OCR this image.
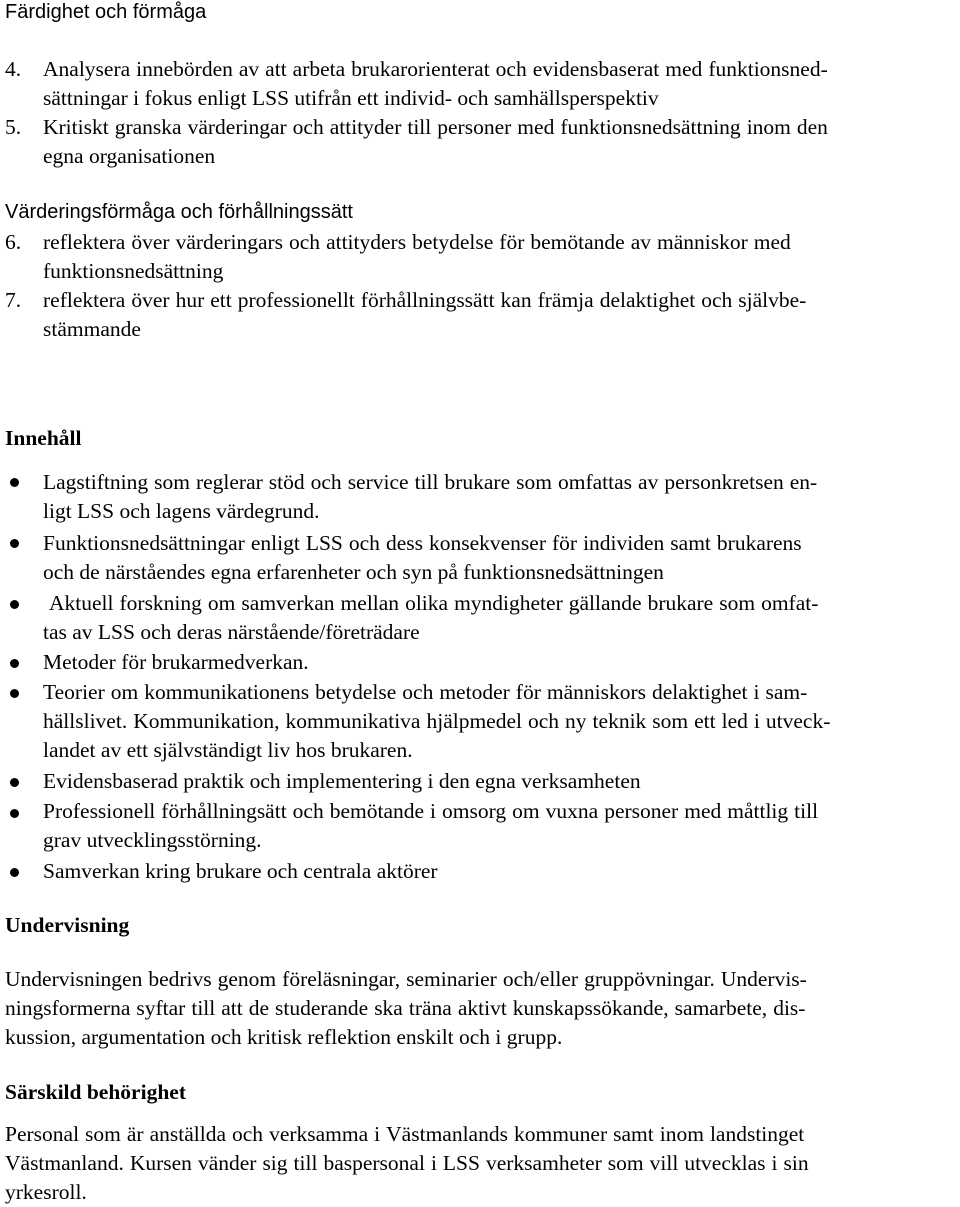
Färdighet och förmåga
4. Analysera innebörden av att arbeta brukarorienterat och evidensbaserat med funktionsned-
sättningar i fokus enligt LSS utifrån ett individ- och samhällsperspektiv
5. Kritiskt granska värderingar och attityder till personer med funktionsnedsättning inom den
egna organisationen
Värderingsförmåga och förhållningssätt
6. reflektera över värderingars och attityders betydelse för bemötande av människor med
funktionsnedsättning
7. reflektera över hur ett professionellt förhållningssätt kan främja delaktighet och självbe-
stämmande
Innehåll
Lagstiftning som reglerar stöd och service till brukare som omfattas av personkretsen en-
ligt LSS och lagens värdegrund.
Funktionsnedsättningar enligt LSS och dess konsekvenser för individen samt brukarens
och de närståendes egna erfarenheter och syn på funktionsnedsättningen
Aktuell forskning om samverkan mellan olika myndigheter gällande brukare som omfat-
tas av LSS och deras närstående/företrädare
Metoder för brukarmedverkan.
Teorier om kommunikationens betydelse och metoder för människors delaktighet i sam-
hällslivet. Kommunikation, kommunikativa hjälpmedel och ny teknik som ett led i utveck-
landet av ett självständigt liv hos brukaren.
Evidensbaserad praktik och implementering i den egna verksamheten
Professionell förhållningsätt och bemötande i omsorg om vuxna personer med måttlig till
grav utvecklingsstörning.
Samverkan kring brukare och centrala aktörer
Undervisning
Undervisningen bedrivs genom föreläsningar, seminarier och/eller gruppövningar. Undervis-
ningsformerna syftar till att de studerande ska träna aktivt kunskapssökande, samarbete, dis-
kussion, argumentation och kritisk reflektion enskilt och i grupp.
Särskild behörighet
Personal som är anställda och verksamma i Västmanlands kommuner samt inom landstinget
Västmanland. Kursen vänder sig till baspersonal i LSS verksamheter som vill utvecklas i sin
yrkesroll.
